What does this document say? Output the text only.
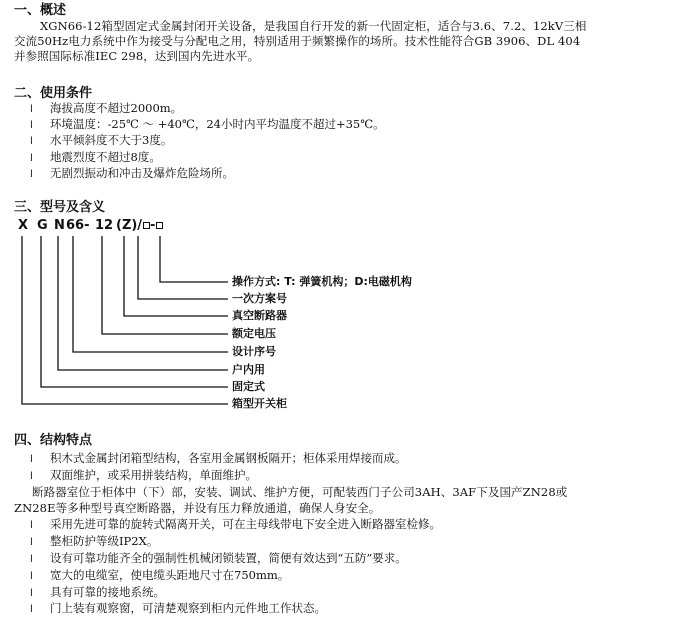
一、概述
XGN66-12箱型固定式金属封闭开关设备，是我国自行开发的新一代固定柜，适合与3.6、7.2、12kV三相
交流50Hz电力系统中作为接受与分配电之用，特别适用于频繁操作的场所。技术性能符合GB 3906、DL 404
并参照国际标准IEC 298，达到国内先进水平。
二、使用条件
l 海拔高度不超过2000m。
l 环境温度：-25℃ ～ +40℃，24小时内平均温度不超过+35℃。
l 水平倾斜度不大于3度。
l 地震烈度不超过8度。
l 无剧烈振动和冲击及爆炸危险场所。
三、型号及含义
X G N 66- 12 (Z)/ -
操作方式: T: 弹簧机构；D:电磁机构
一次方案号
真空断路器
额定电压
设计序号
户内用
固定式
箱型开关柜
四、结构特点
l 积木式金属封闭箱型结构，各室用金属钢板隔开；柜体采用焊接而成。
l 双面维护，或采用拼装结构，单面维护。
断路器室位于柜体中（下）部，安装、调试、维护方便，可配装西门子公司3AH、3AF下及国产ZN28或
ZN28E等多种型号真空断路器，并设有压力释放通道，确保人身安全。
l 采用先进可靠的旋转式隔离开关，可在主母线带电下安全进入断路器室检修。
l 整柜防护等级IP2X。
l 设有可靠功能齐全的强制性机械闭锁装置，简便有效达到“五防”要求。
l 宽大的电缆室，使电缆头距地尺寸在750mm。
l 具有可靠的接地系统。
l 门上装有观察窗，可清楚观察到柜内元件地工作状态。
